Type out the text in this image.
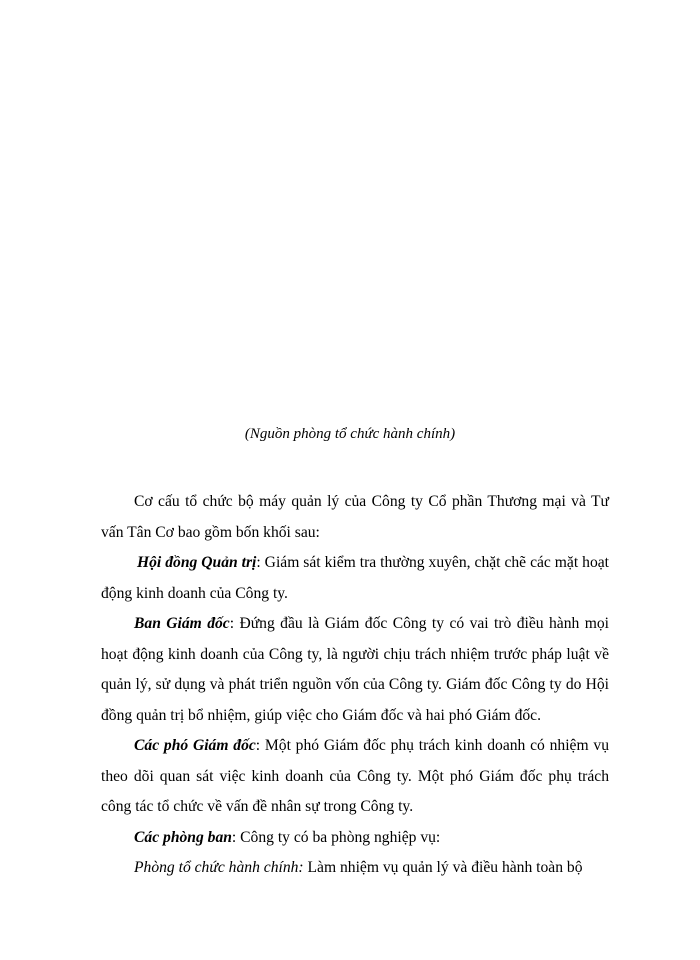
(Nguồn phòng tổ chức hành chính)

Cơ cấu tổ chức bộ máy quản lý của Công ty Cổ phần Thương mại và Tư vấn Tân Cơ bao gồm bốn khối sau:

Hội đồng Quản trị: Giám sát kiểm tra thường xuyên, chặt chẽ các mặt hoạt động kinh doanh của Công ty.

Ban Giám đốc: Đứng đầu là Giám đốc Công ty có vai trò điều hành mọi hoạt động kinh doanh của Công ty, là người chịu trách nhiệm trước pháp luật về quản lý, sử dụng và phát triển nguồn vốn của Công ty. Giám đốc Công ty do Hội đồng quản trị bổ nhiệm, giúp việc cho Giám đốc và hai phó Giám đốc.

Các phó Giám đốc: Một phó Giám đốc phụ trách kinh doanh có nhiệm vụ theo dõi quan sát việc kinh doanh của Công ty. Một phó Giám đốc phụ trách công tác tổ chức về vấn đề nhân sự trong Công ty.

Các phòng ban: Công ty có ba phòng nghiệp vụ:

Phòng tổ chức hành chính: Làm nhiệm vụ quản lý và điều hành toàn bộ
